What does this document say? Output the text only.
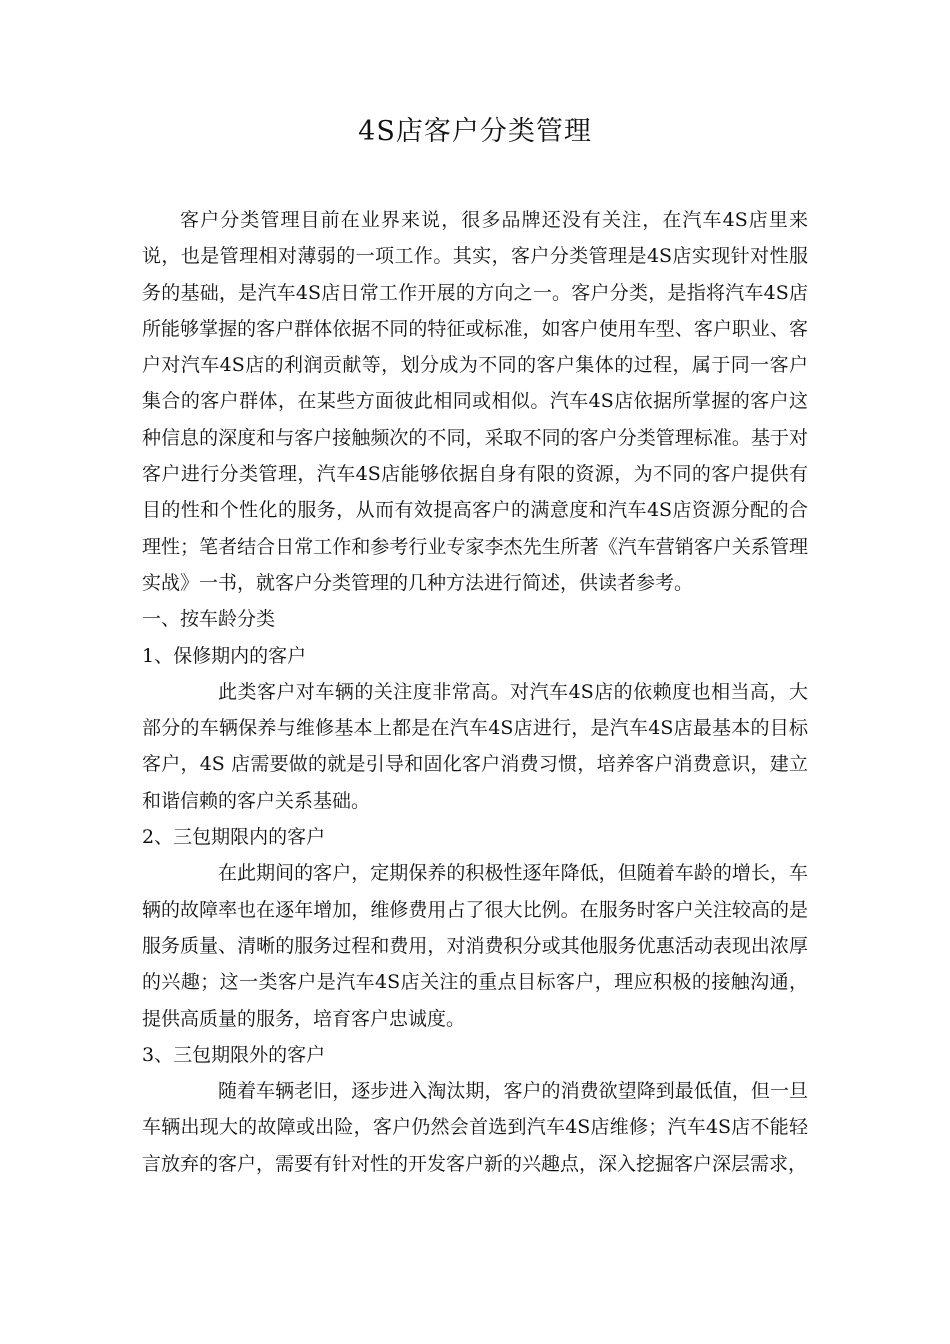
4S店客户分类管理

客户分类管理目前在业界来说，很多品牌还没有关注，在汽车4S店里来说，也是管理相对薄弱的一项工作。其实，客户分类管理是4S店实现针对性服务的基础，是汽车4S店日常工作开展的方向之一。客户分类，是指将汽车4S店所能够掌握的客户群体依据不同的特征或标准，如客户使用车型、客户职业、客户对汽车4S店的利润贡献等，划分成为不同的客户集体的过程，属于同一客户集合的客户群体，在某些方面彼此相同或相似。汽车4S店依据所掌握的客户这种信息的深度和与客户接触频次的不同，采取不同的客户分类管理标准。基于对客户进行分类管理，汽车4S店能够依据自身有限的资源，为不同的客户提供有目的性和个性化的服务，从而有效提高客户的满意度和汽车4S店资源分配的合理性；笔者结合日常工作和参考行业专家李杰先生所著《汽车营销客户关系管理实战》一书，就客户分类管理的几种方法进行简述，供读者参考。

一、按车龄分类

1、保修期内的客户

此类客户对车辆的关注度非常高。对汽车4S店的依赖度也相当高，大部分的车辆保养与维修基本上都是在汽车4S店进行，是汽车4S店最基本的目标客户，4S 店需要做的就是引导和固化客户消费习惯，培养客户消费意识，建立和谐信赖的客户关系基础。

2、三包期限内的客户

在此期间的客户，定期保养的积极性逐年降低，但随着车龄的增长，车辆的故障率也在逐年增加，维修费用占了很大比例。在服务时客户关注较高的是服务质量、清晰的服务过程和费用，对消费积分或其他服务优惠活动表现出浓厚的兴趣；这一类客户是汽车4S店关注的重点目标客户，理应积极的接触沟通，提供高质量的服务，培育客户忠诚度。

3、三包期限外的客户

随着车辆老旧，逐步进入淘汰期，客户的消费欲望降到最低值，但一旦车辆出现大的故障或出险，客户仍然会首选到汽车4S店维修；汽车4S店不能轻言放弃的客户，需要有针对性的开发客户新的兴趣点，深入挖掘客户深层需求，
